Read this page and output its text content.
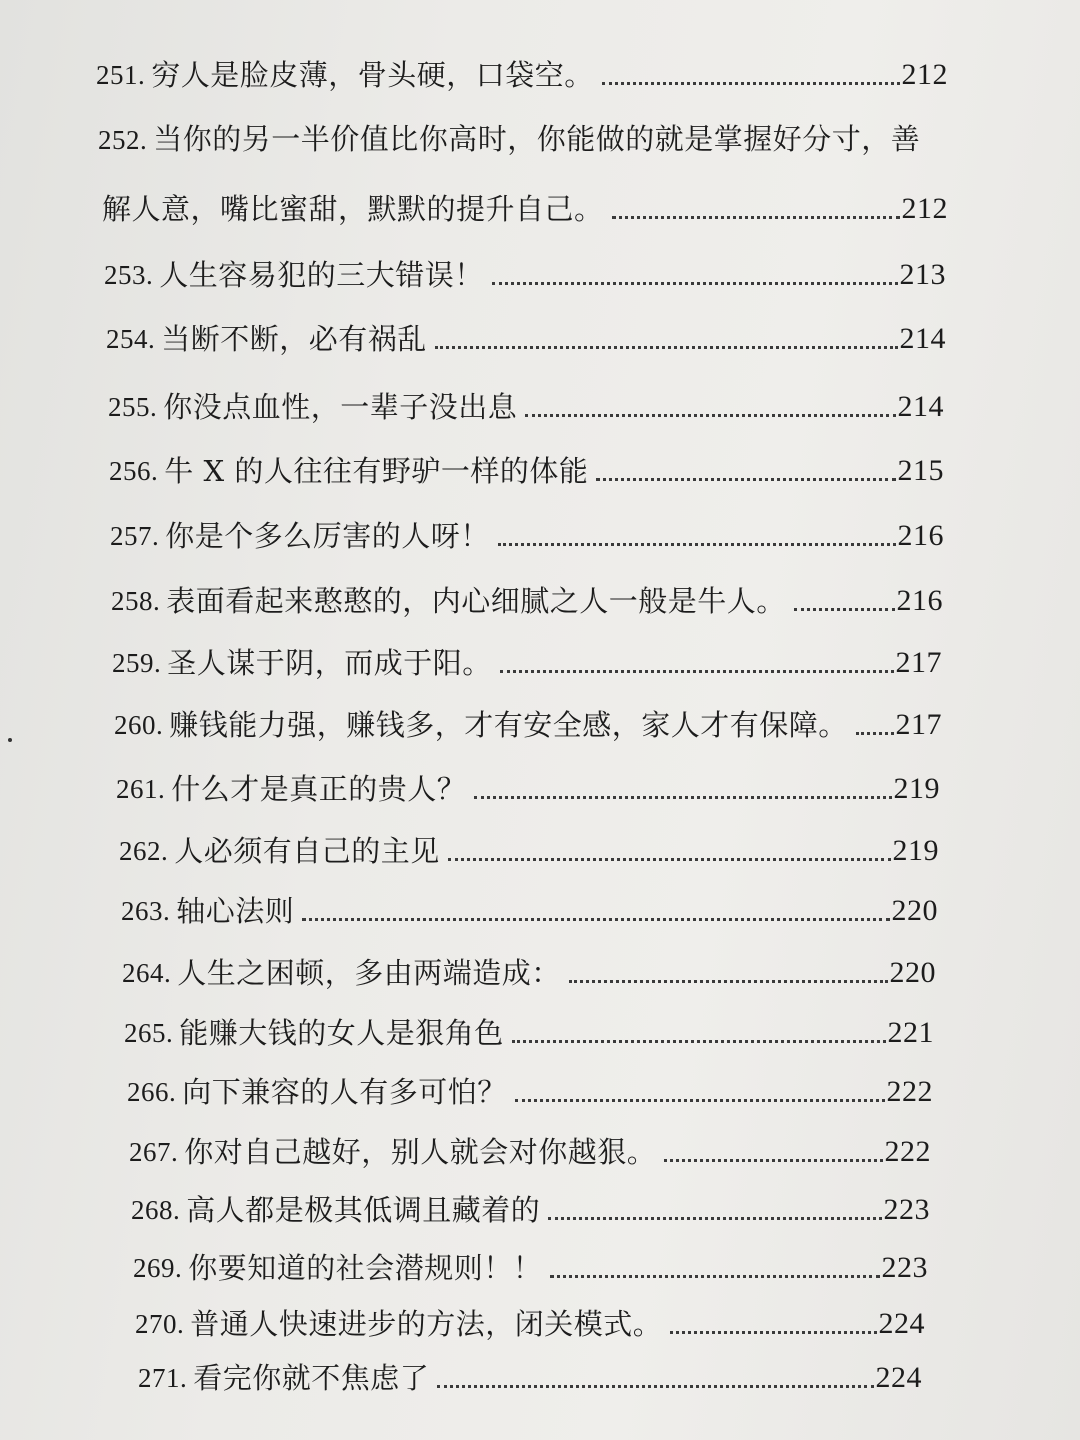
251. 穷人是脸皮薄，骨头硬，口袋空。	212
252. 当你的另一半价值比你高时，你能做的就是掌握好分寸，善
解人意，嘴比蜜甜，默默的提升自己。	212
253. 人生容易犯的三大错误！	213
254. 当断不断，必有祸乱	214
255. 你没点血性，一辈子没出息	214
256. 牛 X 的人往往有野驴一样的体能	215
257. 你是个多么厉害的人呀！	216
258. 表面看起来憨憨的，内心细腻之人一般是牛人。	216
259. 圣人谋于阴，而成于阳。	217
260. 赚钱能力强，赚钱多，才有安全感，家人才有保障。 217
261. 什么才是真正的贵人？	219
262. 人必须有自己的主见	219
263. 轴心法则	220
264. 人生之困顿，多由两端造成：	220
265. 能赚大钱的女人是狠角色	221
266. 向下兼容的人有多可怕？	222
267. 你对自己越好，别人就会对你越狠。	222
268. 高人都是极其低调且藏着的	223
269. 你要知道的社会潜规则！！	223
270. 普通人快速进步的方法，闭关模式。	224
271. 看完你就不焦虑了	224
